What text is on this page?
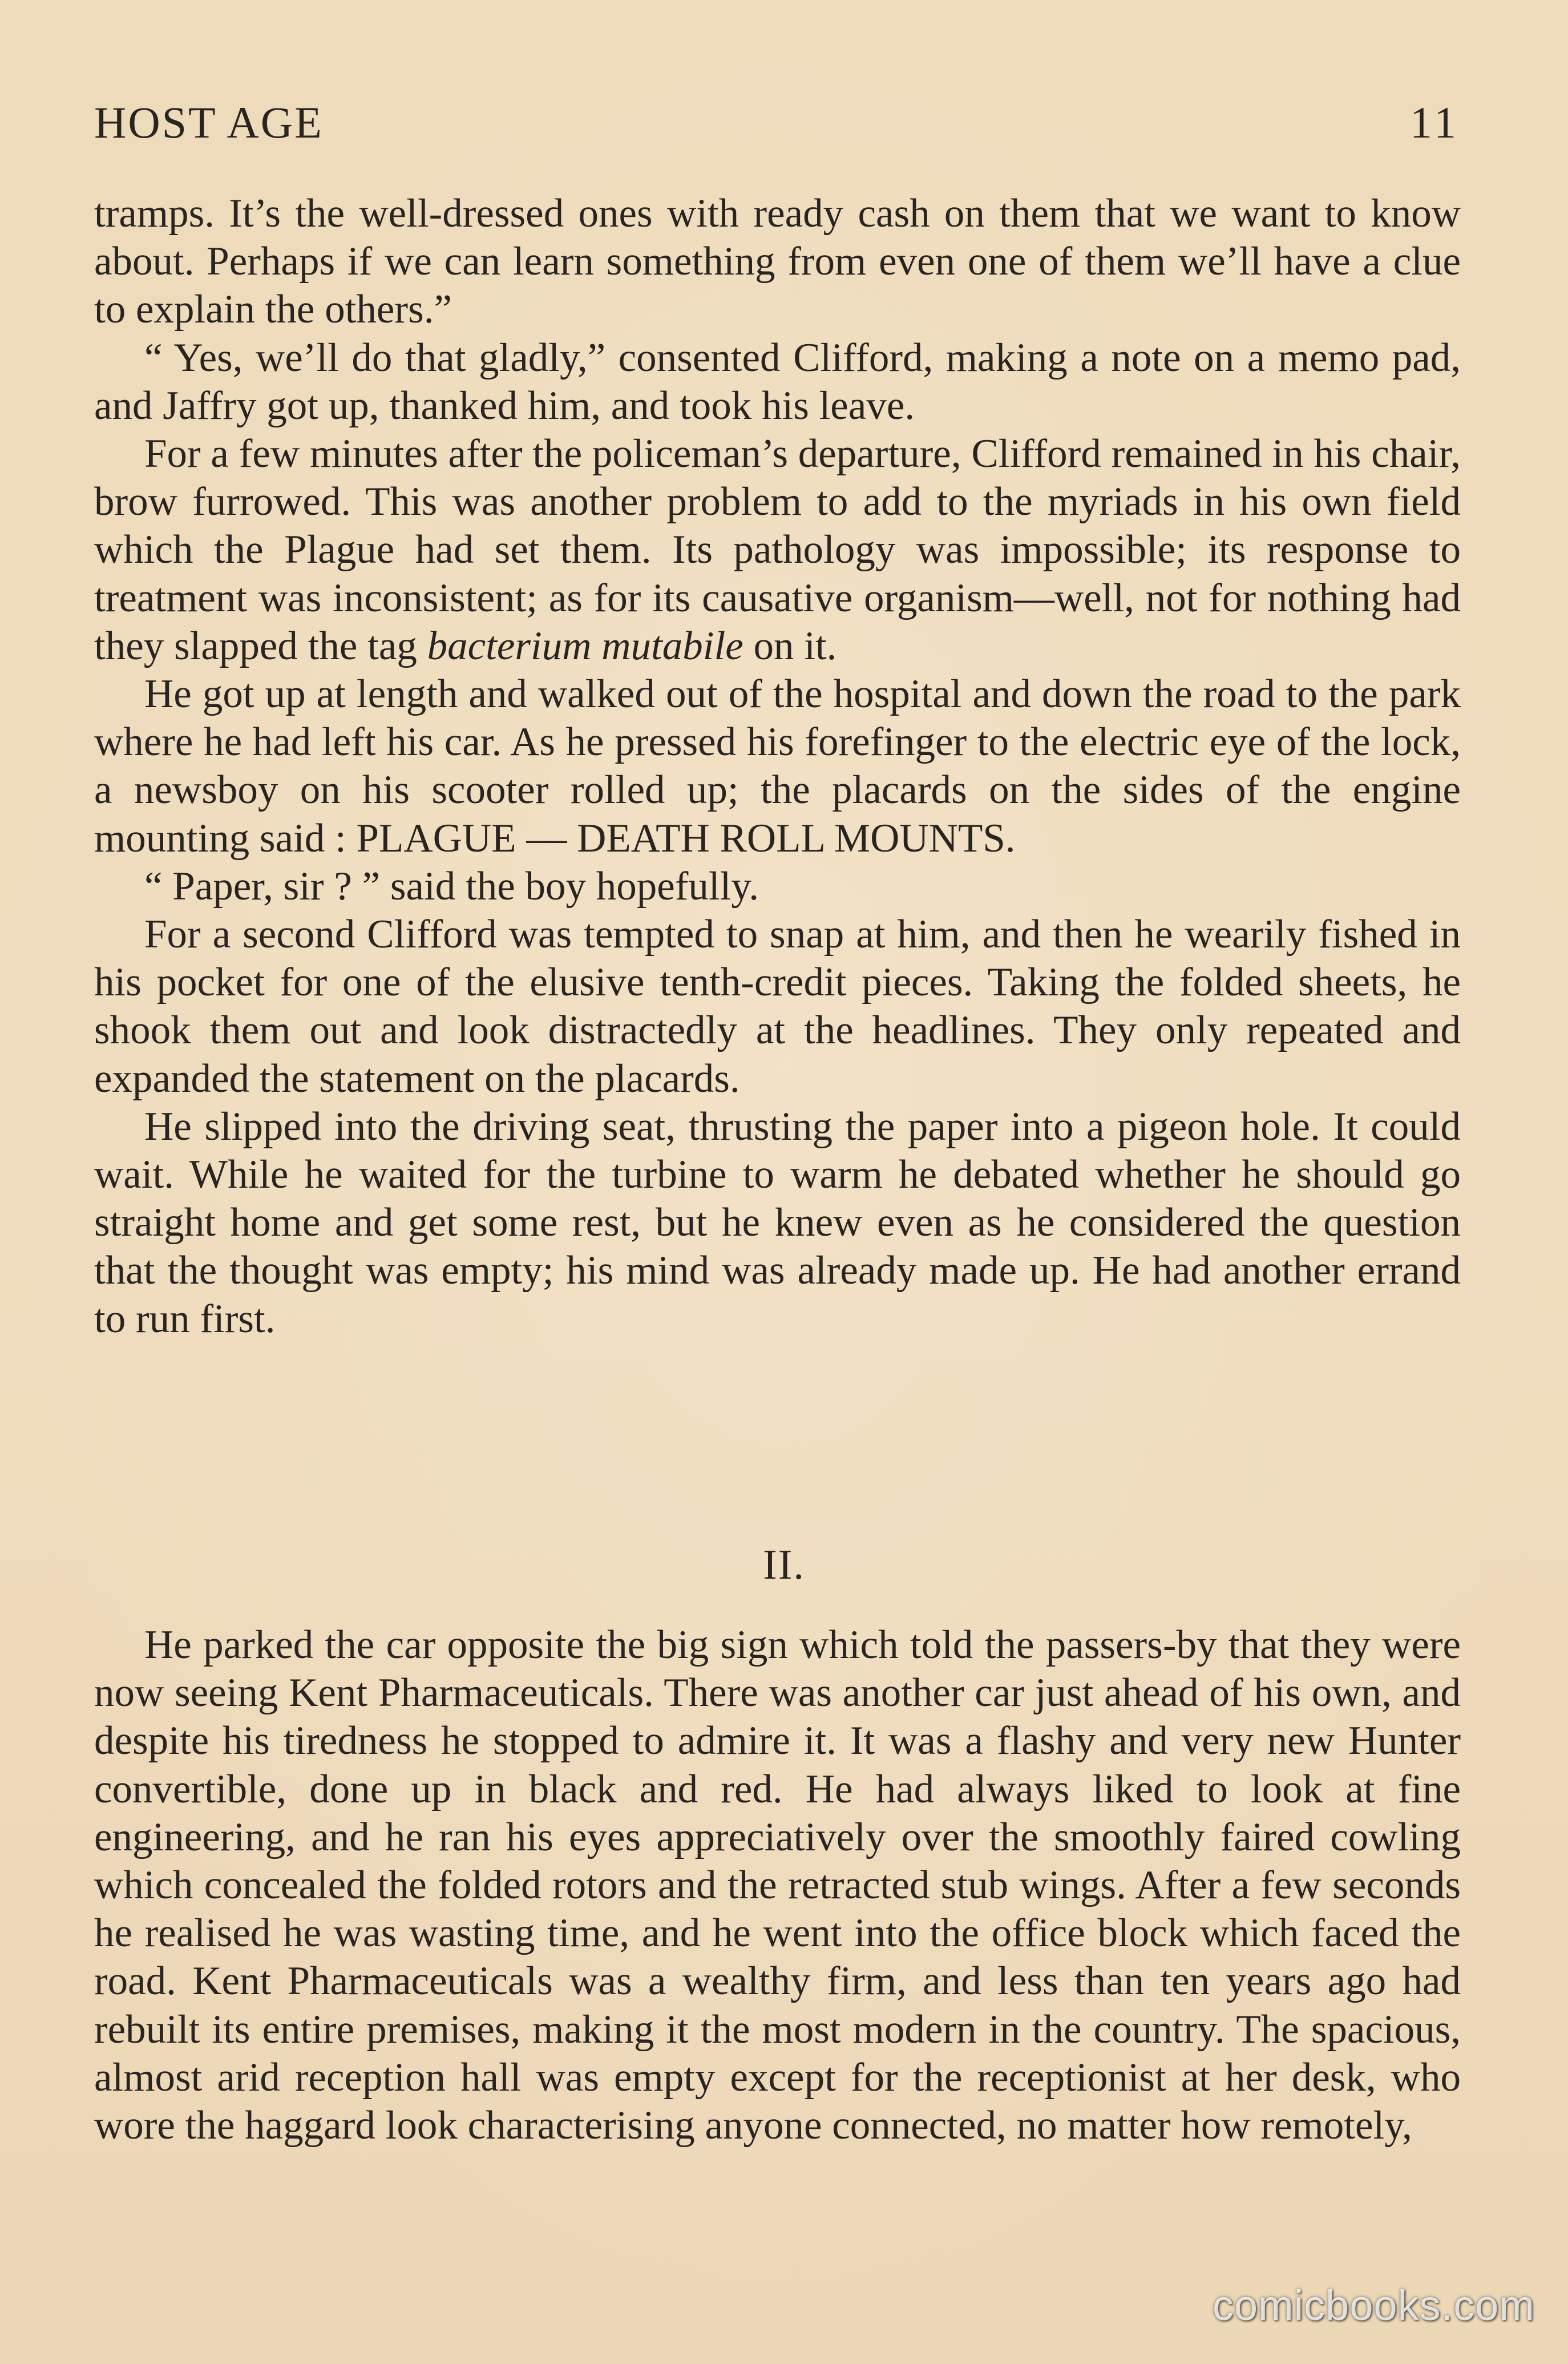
HOST AGE	11

tramps. It’s the well-dressed ones with ready cash on them that we want to know about. Perhaps if we can learn something from even one of them we’ll have a clue to explain the others.”

“ Yes, we’ll do that gladly,” consented Clifford, making a note on a memo pad, and Jaffry got up, thanked him, and took his leave.

For a few minutes after the policeman’s departure, Clifford remained in his chair, brow furrowed. This was another problem to add to the myriads in his own field which the Plague had set them. Its pathology was impossible; its response to treatment was inconsistent; as for its causative organism—well, not for nothing had they slapped the tag bacterium mutabile on it.

He got up at length and walked out of the hospital and down the road to the park where he had left his car. As he pressed his forefinger to the electric eye of the lock, a newsboy on his scooter rolled up; the placards on the sides of the engine mounting said : PLAGUE — DEATH ROLL MOUNTS.

“ Paper, sir ? ” said the boy hopefully.

For a second Clifford was tempted to snap at him, and then he wearily fished in his pocket for one of the elusive tenth-credit pieces. Taking the folded sheets, he shook them out and look distractedly at the headlines. They only repeated and expanded the statement on the placards.

He slipped into the driving seat, thrusting the paper into a pigeon hole. It could wait. While he waited for the turbine to warm he debated whether he should go straight home and get some rest, but he knew even as he considered the question that the thought was empty; his mind was already made up. He had another errand to run first.

II.

He parked the car opposite the big sign which told the passers-by that they were now seeing Kent Pharmaceuticals. There was another car just ahead of his own, and despite his tiredness he stopped to admire it. It was a flashy and very new Hunter convertible, done up in black and red. He had always liked to look at fine engineering, and he ran his eyes appreciatively over the smoothly faired cowling which concealed the folded rotors and the retracted stub wings. After a few seconds he realised he was wasting time, and he went into the office block which faced the road. Kent Pharmaceuticals was a wealthy firm, and less than ten years ago had rebuilt its entire premises, making it the most modern in the country. The spacious, almost arid reception hall was empty except for the receptionist at her desk, who wore the haggard look characterising anyone connected, no matter how remotely,

comicbooks.com
